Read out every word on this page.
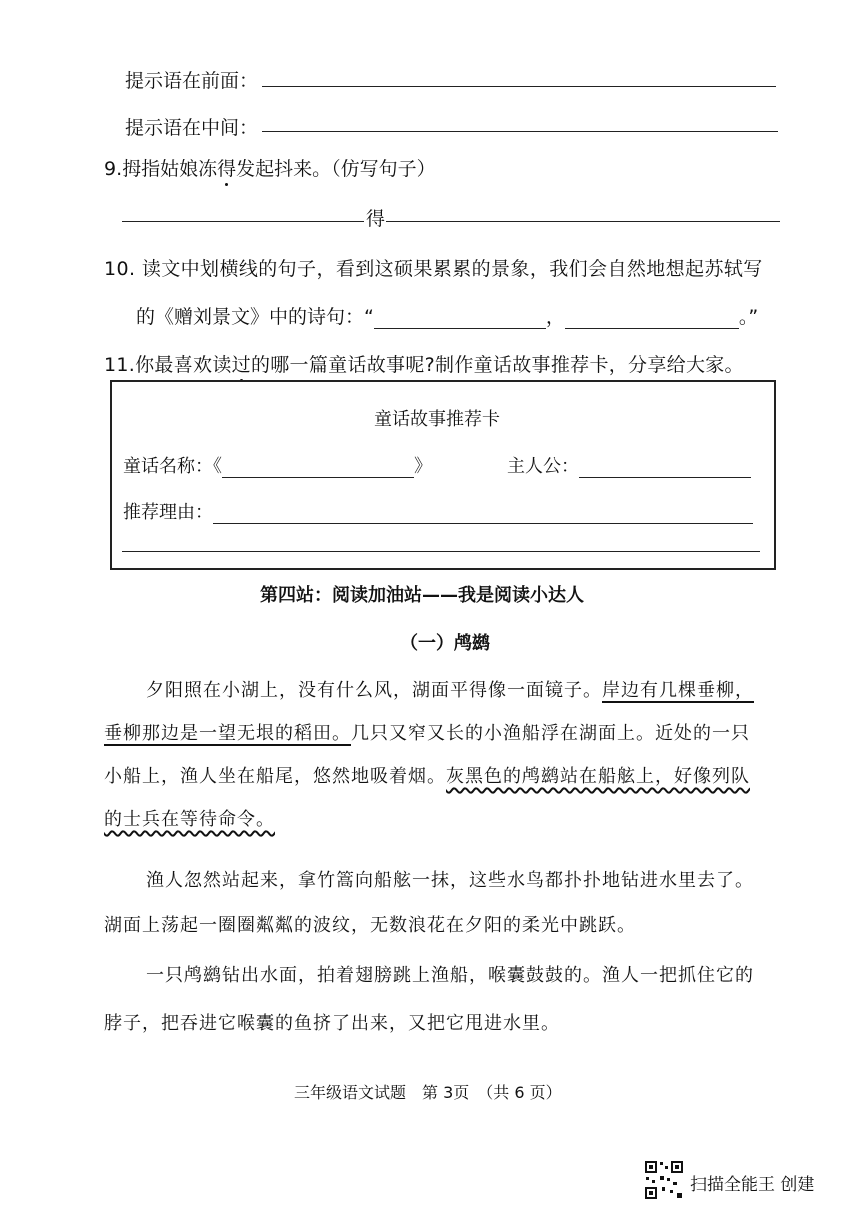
提示语在前面：
提示语在中间：
9.拇指姑娘冻得发起抖来。（仿写句子）
得
10. 读文中划横线的句子，看到这硕果累累的景象，我们会自然地想起苏轼写
的《赠刘景文》中的诗句：“	，	。”
11.你最喜欢读过的哪一篇童话故事呢?制作童话故事推荐卡，分享给大家。
童话故事推荐卡
童话名称：《	》	主人公：
推荐理由：
第四站：阅读加油站——我是阅读小达人
（一）鸬鹚
夕阳照在小湖上，没有什么风，湖面平得像一面镜子。岸边有几棵垂柳，
垂柳那边是一望无垠的稻田。几只又窄又长的小渔船浮在湖面上。近处的一只
小船上，渔人坐在船尾，悠然地吸着烟。灰黑色的鸬鹚站在船舷上，好像列队
的士兵在等待命令。
渔人忽然站起来，拿竹篙向船舷一抹，这些水鸟都扑扑地钻进水里去了。
湖面上荡起一圈圈粼粼的波纹，无数浪花在夕阳的柔光中跳跃。
一只鸬鹚钻出水面，拍着翅膀跳上渔船，喉囊鼓鼓的。渔人一把抓住它的
脖子，把吞进它喉囊的鱼挤了出来，又把它甩进水里。
三年级语文试题　第 3页　（共 6 页）
扫描全能王 创建
